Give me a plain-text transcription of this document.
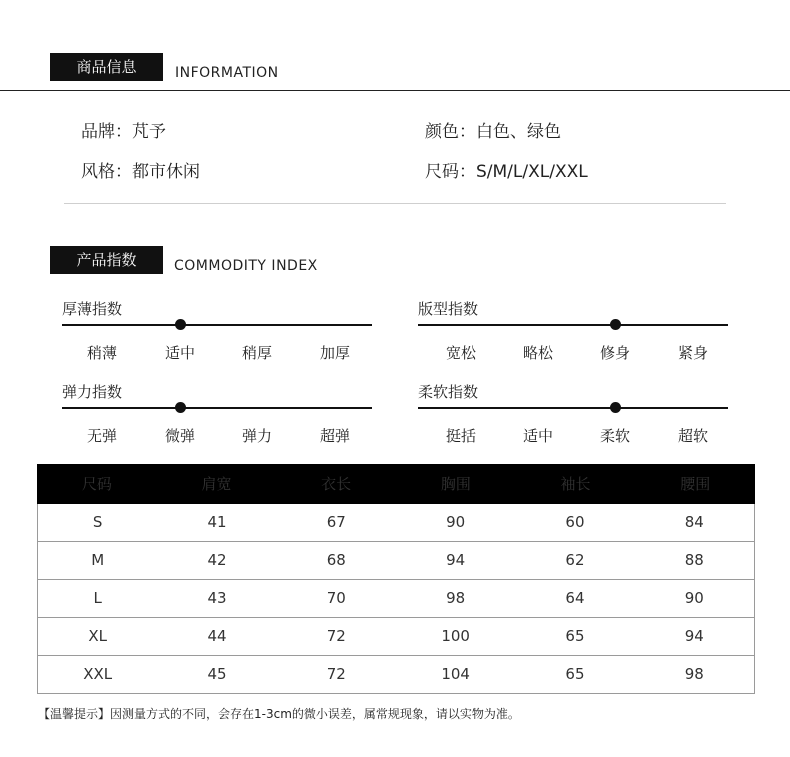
商品信息	INFORMATION
品牌：芃予	颜色：白色、绿色
风格：都市休闲	尺码：S/M/L/XL/XXL
产品指数	COMMODITY INDEX
厚薄指数
稍薄	适中	稍厚	加厚
版型指数
宽松	略松	修身	紧身
弹力指数
无弹	微弹	弹力	超弹
柔软指数
挺括	适中	柔软	超软
尺码	肩宽	衣长	胸围	袖长	腰围
S	41	67	90	60	84
M	42	68	94	62	88
L	43	70	98	64	90
XL	44	72	100	65	94
XXL	45	72	104	65	98
【温馨提示】因测量方式的不同，会存在1-3cm的微小误差，属常规现象，请以实物为准。
